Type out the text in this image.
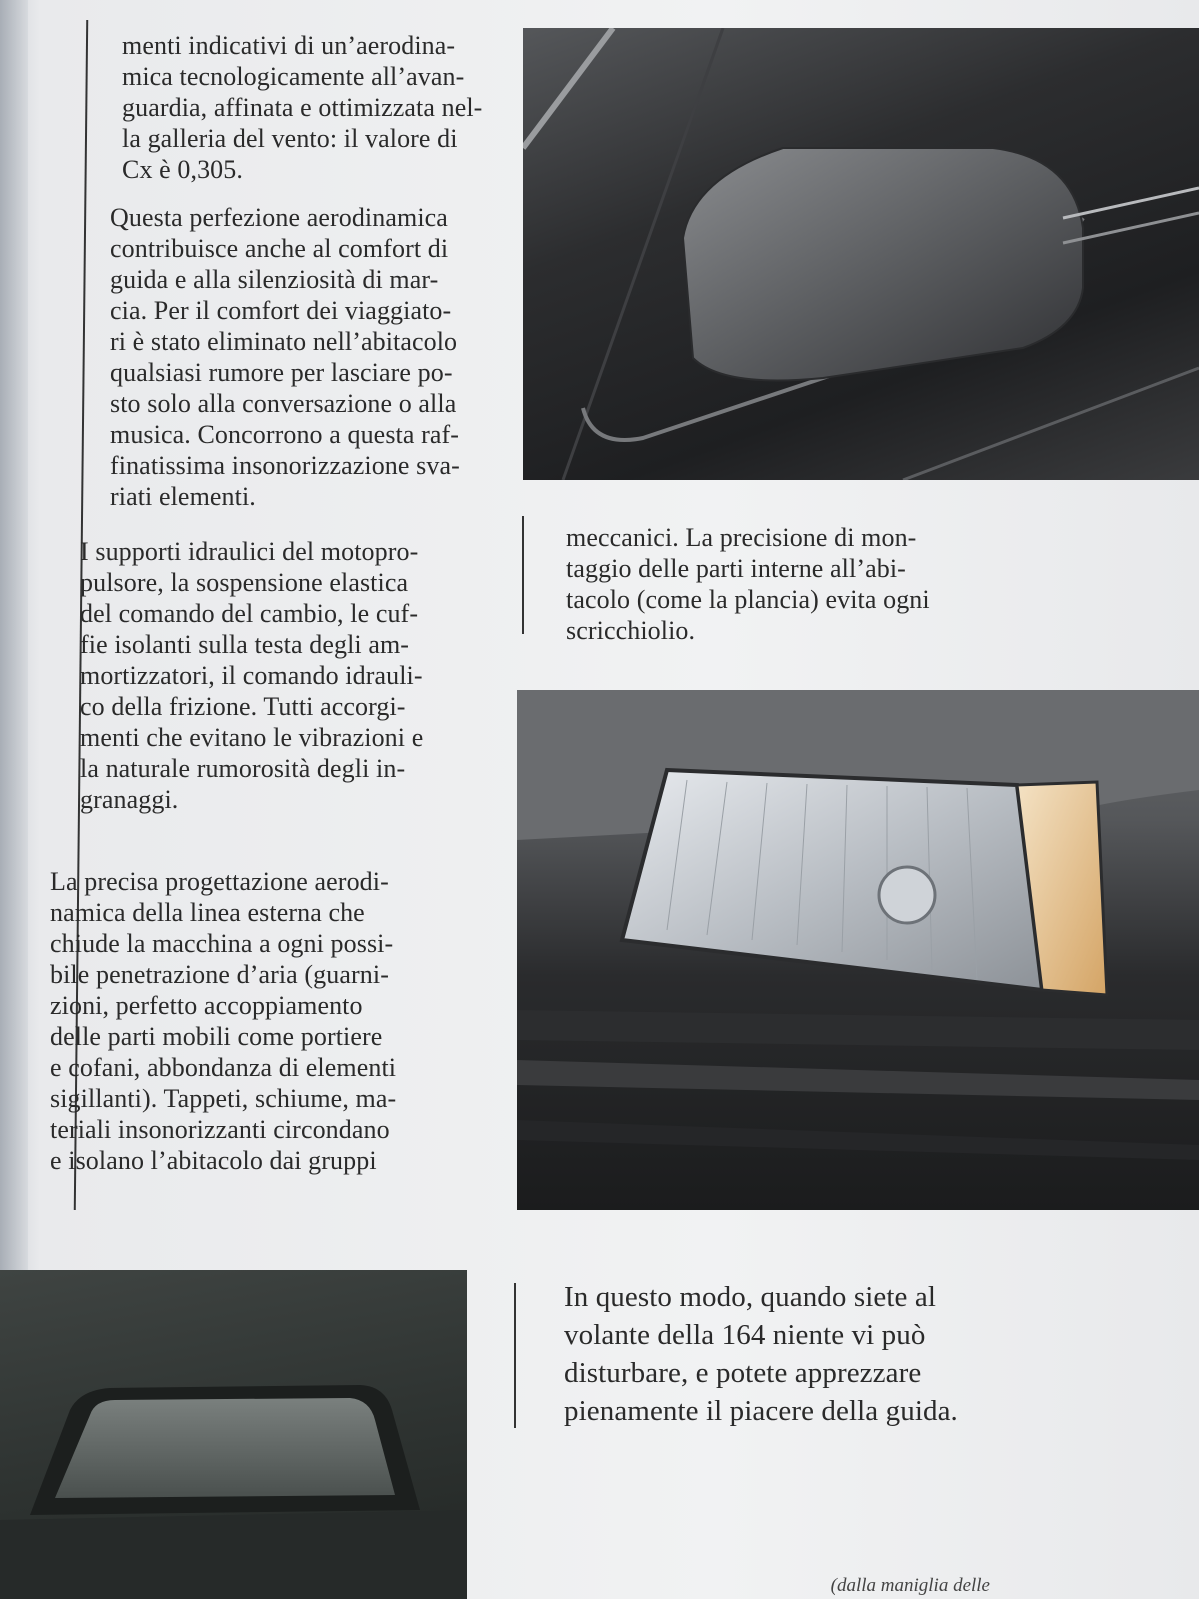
menti indicativi di un’aerodina-
mica tecnologicamente all’avan-
guardia, affinata e ottimizzata nel-
la galleria del vento: il valore di
Cx è 0,305.

Questa perfezione aerodinamica
contribuisce anche al comfort di
guida e alla silenziosità di mar-
cia. Per il comfort dei viaggiato-
ri è stato eliminato nell’abitacolo
qualsiasi rumore per lasciare po-
sto solo alla conversazione o alla
musica. Concorrono a questa raf-
finatissima insonorizzazione sva-
riati elementi.

I supporti idraulici del motopro-
pulsore, la sospensione elastica
del comando del cambio, le cuf-
fie isolanti sulla testa degli am-
mortizzatori, il comando idrauli-
co della frizione. Tutti accorgi-
menti che evitano le vibrazioni e
la naturale rumorosità degli in-
granaggi.

La precisa progettazione aerodi-
namica della linea esterna che
chiude la macchina a ogni possi-
bile penetrazione d’aria (guarni-
zioni, perfetto accoppiamento
delle parti mobili come portiere
e cofani, abbondanza di elementi
sigillanti). Tappeti, schiume, ma-
teriali insonorizzanti circondano
e isolano l’abitacolo dai gruppi

meccanici. La precisione di mon-
taggio delle parti interne all’abi-
tacolo (come la plancia) evita ogni
scricchiolio.

In questo modo, quando siete al
volante della 164 niente vi può
disturbare, e potete apprezzare
pienamente il piacere della guida.

(dalla maniglia delle
